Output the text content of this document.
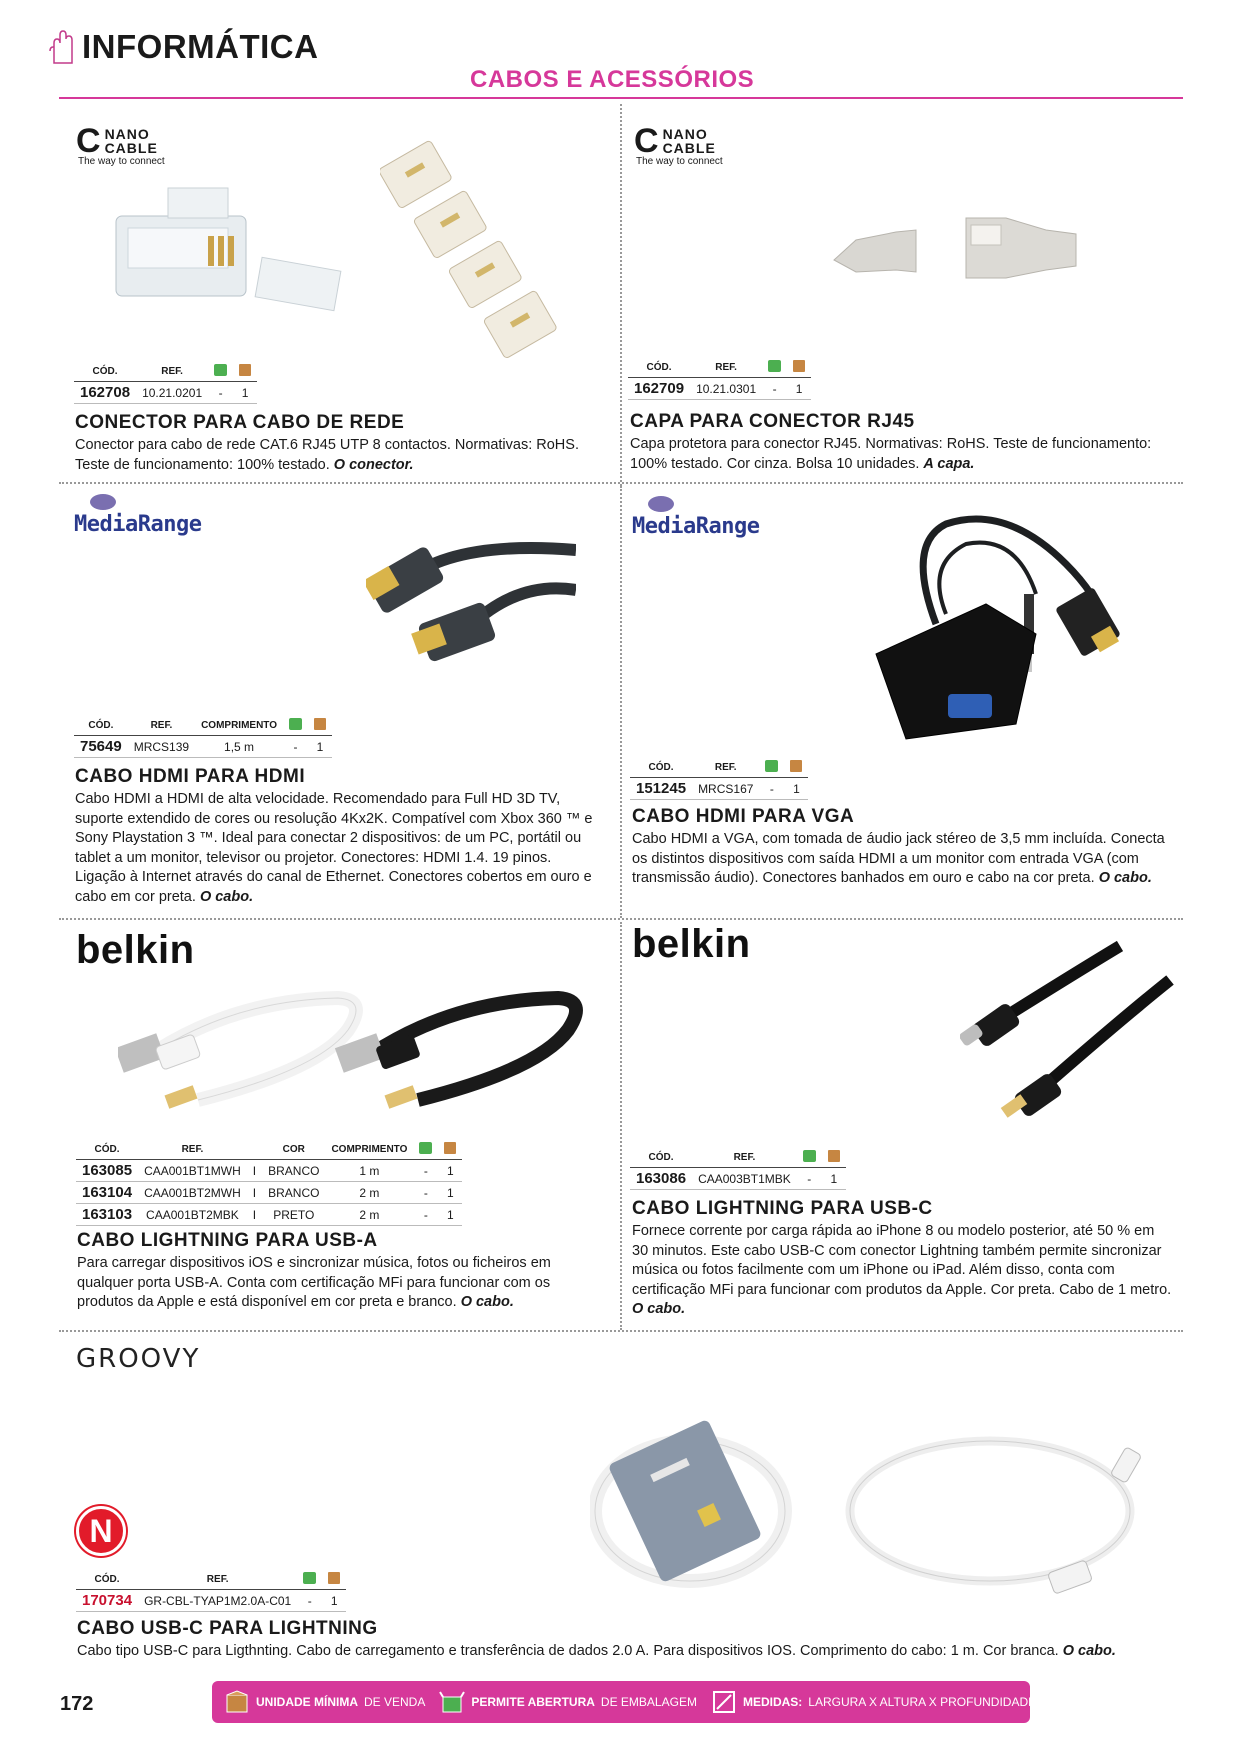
INFORMÁTICA
CABOS E ACESSÓRIOS
C NANO
CABLE
The way to connect
CÓD.	REF.		
162708	10.21.0201	-	1
CONECTOR PARA CABO DE REDE
Conector para cabo de rede CAT.6 RJ45 UTP 8 contactos. Normativas: RoHS. Teste de funcionamento: 100% testado. O conector.
C NANO
CABLE
The way to connect
CÓD.	REF.		
162709	10.21.0301	-	1
CAPA PARA CONECTOR RJ45
Capa protetora para conector RJ45. Normativas: RoHS. Teste de funcionamento: 100% testado. Cor cinza. Bolsa 10 unidades. A capa.
MediaRange
CÓD.	REF.	COMPRIMENTO		
75649	MRCS139	1,5 m	-	1
CABO HDMI PARA HDMI
Cabo HDMI a HDMI de alta velocidade. Recomendado para Full HD 3D TV, suporte extendido de cores ou resolução 4Kx2K. Compatível com Xbox 360 ™ e Sony Playstation 3 ™. Ideal para conectar 2 dispositivos: de um PC, portátil ou tablet a um monitor, televisor ou projetor. Conectores: HDMI 1.4. 19 pinos. Ligação à Internet através do canal de Ethernet. Conectores cobertos em ouro e cabo em cor preta. O cabo.
MediaRange
CÓD.	REF.		
151245	MRCS167	-	1
CABO HDMI PARA VGA
Cabo HDMI a VGA, com tomada de áudio jack stéreo de 3,5 mm incluída. Conecta os distintos dispositivos com saída HDMI a um monitor com entrada VGA (com transmissão áudio). Conectores banhados em ouro e cabo na cor preta. O cabo.
belkin
CÓD.	REF.		COR	COMPRIMENTO		
163085	CAA001BT1MWH	I	BRANCO	1 m	-	1
163104	CAA001BT2MWH	I	BRANCO	2 m	-	1
163103	CAA001BT2MBK	I	PRETO	2 m	-	1
CABO LIGHTNING PARA USB-A
Para carregar dispositivos iOS e sincronizar música, fotos ou ficheiros em qualquer porta USB-A. Conta com certificação MFi para funcionar com os produtos da Apple e está disponível em cor preta e branco. O cabo.
belkin
CÓD.	REF.		
163086	CAA003BT1MBK	-	1
CABO LIGHTNING PARA USB-C
Fornece corrente por carga rápida ao iPhone 8 ou modelo posterior, até 50 % em 30 minutos. Este cabo USB-C com conector Lightning também permite sincronizar música ou fotos facilmente com um iPhone ou iPad. Além disso, conta com certificação MFi para funcionar com produtos da Apple. Cor preta. Cabo de 1 metro. O cabo.
GROOVY
N
CÓD.	REF.		
170734	GR-CBL-TYAP1M2.0A-C01	-	1
CABO USB-C PARA LIGHTNING
Cabo tipo USB-C para Ligthnting. Cabo de carregamento e transferência de dados 2.0 A. Para dispositivos IOS. Comprimento do cabo: 1 m. Cor branca. O cabo.
172	UNIDADE MÍNIMA DE VENDA	PERMITE ABERTURA DE EMBALAGEM	MEDIDAS: LARGURA X ALTURA X PROFUNDIDADE
